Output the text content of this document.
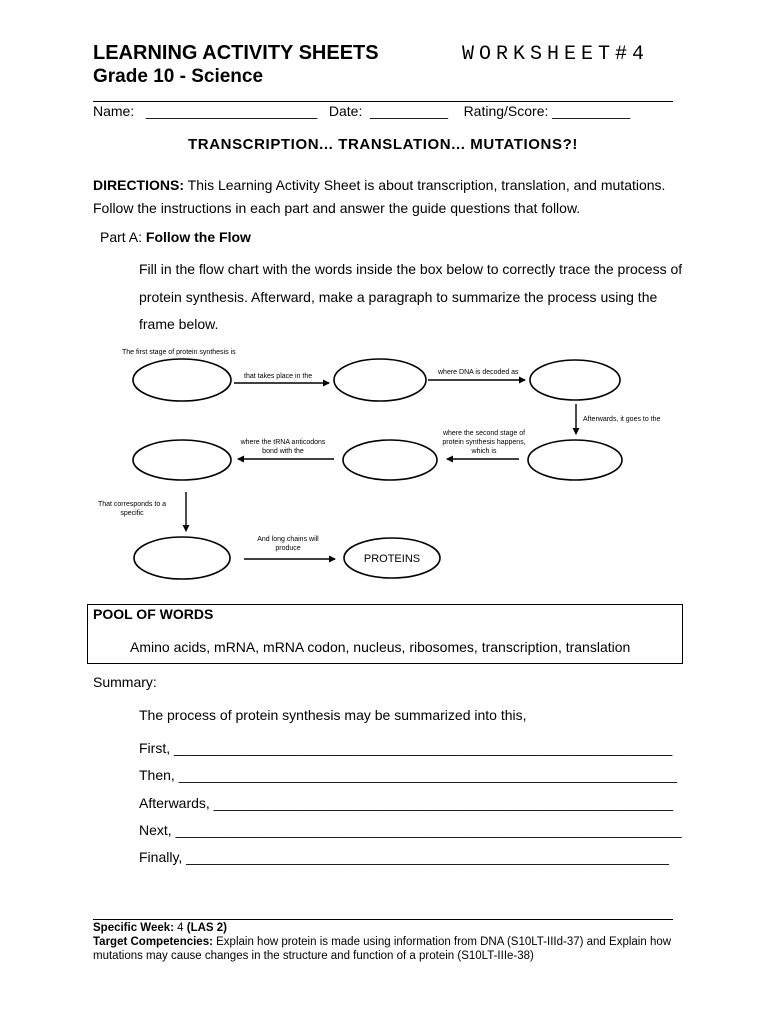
LEARNING ACTIVITY SHEETS
Grade 10 - Science
WORKSHEET#4
Name: ______________________ Date: __________ Rating/Score: __________
TRANSCRIPTION... TRANSLATION... MUTATIONS?!
DIRECTIONS: This Learning Activity Sheet is about transcription, translation, and mutations. Follow the instructions in each part and answer the guide questions that follow.
Part A: Follow the Flow
Fill in the flow chart with the words inside the box below to correctly trace the process of protein synthesis. Afterward, make a paragraph to summarize the process using the frame below.
The first stage of protein synthesis is
that takes place in the
where DNA is decoded as
Afterwards, it goes to the
where the second stage of
protein synthesis happens,
which is
where the tRNA anticodons
bond with the
That corresponds to a
specific
PROTEINS
And long chains will
produce
POOL OF WORDS
Amino acids, mRNA, mRNA codon, nucleus, ribosomes, transcription, translation
Summary:
The process of protein synthesis may be summarized into this,
First, ________________________________________________________________
Then, ________________________________________________________________
Afterwards, ___________________________________________________________
Next, _________________________________________________________________
Finally, ______________________________________________________________
Specific Week: 4 (LAS 2)
Target Competencies: Explain how protein is made using information from DNA (S10LT-IIId-37) and Explain how mutations may cause changes in the structure and function of a protein (S10LT-IIIe-38)
